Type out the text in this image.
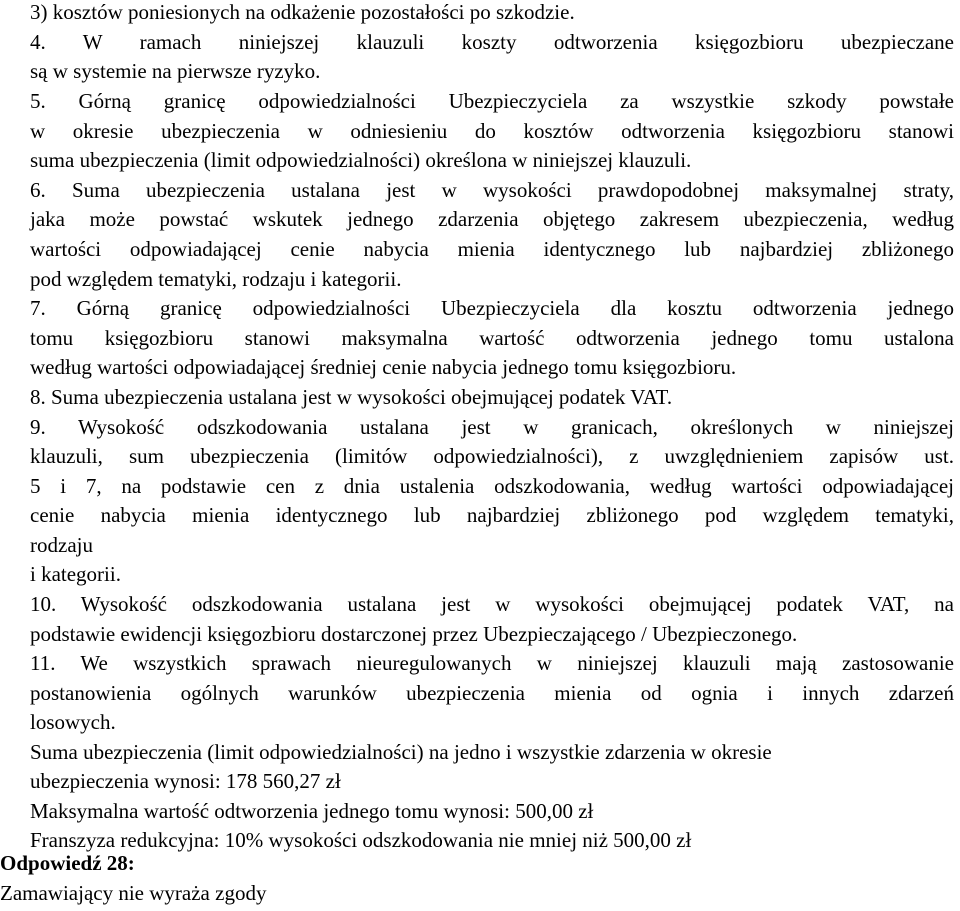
3) kosztów poniesionych na odkażenie pozostałości po szkodzie.
4. W ramach niniejszej klauzuli koszty odtworzenia księgozbioru ubezpieczane
są w systemie na pierwsze ryzyko.
5. Górną granicę odpowiedzialności Ubezpieczyciela za wszystkie szkody powstałe
w okresie ubezpieczenia w odniesieniu do kosztów odtworzenia księgozbioru stanowi
suma ubezpieczenia (limit odpowiedzialności) określona w niniejszej klauzuli.
6. Suma ubezpieczenia ustalana jest w wysokości prawdopodobnej maksymalnej straty,
jaka może powstać wskutek jednego zdarzenia objętego zakresem ubezpieczenia, według
wartości odpowiadającej cenie nabycia mienia identycznego lub najbardziej zbliżonego
pod względem tematyki, rodzaju i kategorii.
7. Górną granicę odpowiedzialności Ubezpieczyciela dla kosztu odtworzenia jednego
tomu księgozbioru stanowi maksymalna wartość odtworzenia jednego tomu ustalona
według wartości odpowiadającej średniej cenie nabycia jednego tomu księgozbioru.
8. Suma ubezpieczenia ustalana jest w wysokości obejmującej podatek VAT.
9. Wysokość odszkodowania ustalana jest w granicach, określonych w niniejszej
klauzuli, sum ubezpieczenia (limitów odpowiedzialności), z uwzględnieniem zapisów ust.
5 i 7, na podstawie cen z dnia ustalenia odszkodowania, według wartości odpowiadającej
cenie nabycia mienia identycznego lub najbardziej zbliżonego pod względem tematyki,
rodzaju
i kategorii.
10. Wysokość odszkodowania ustalana jest w wysokości obejmującej podatek VAT, na
podstawie ewidencji księgozbioru dostarczonej przez Ubezpieczającego / Ubezpieczonego.
11. We wszystkich sprawach nieuregulowanych w niniejszej klauzuli mają zastosowanie
postanowienia ogólnych warunków ubezpieczenia mienia od ognia i innych zdarzeń
losowych.
Suma ubezpieczenia (limit odpowiedzialności) na jedno i wszystkie zdarzenia w okresie
ubezpieczenia wynosi: 178 560,27 zł
Maksymalna wartość odtworzenia jednego tomu wynosi: 500,00 zł
Franszyza redukcyjna: 10% wysokości odszkodowania nie mniej niż 500,00 zł
Odpowiedź 28:
Zamawiający nie wyraża zgody
